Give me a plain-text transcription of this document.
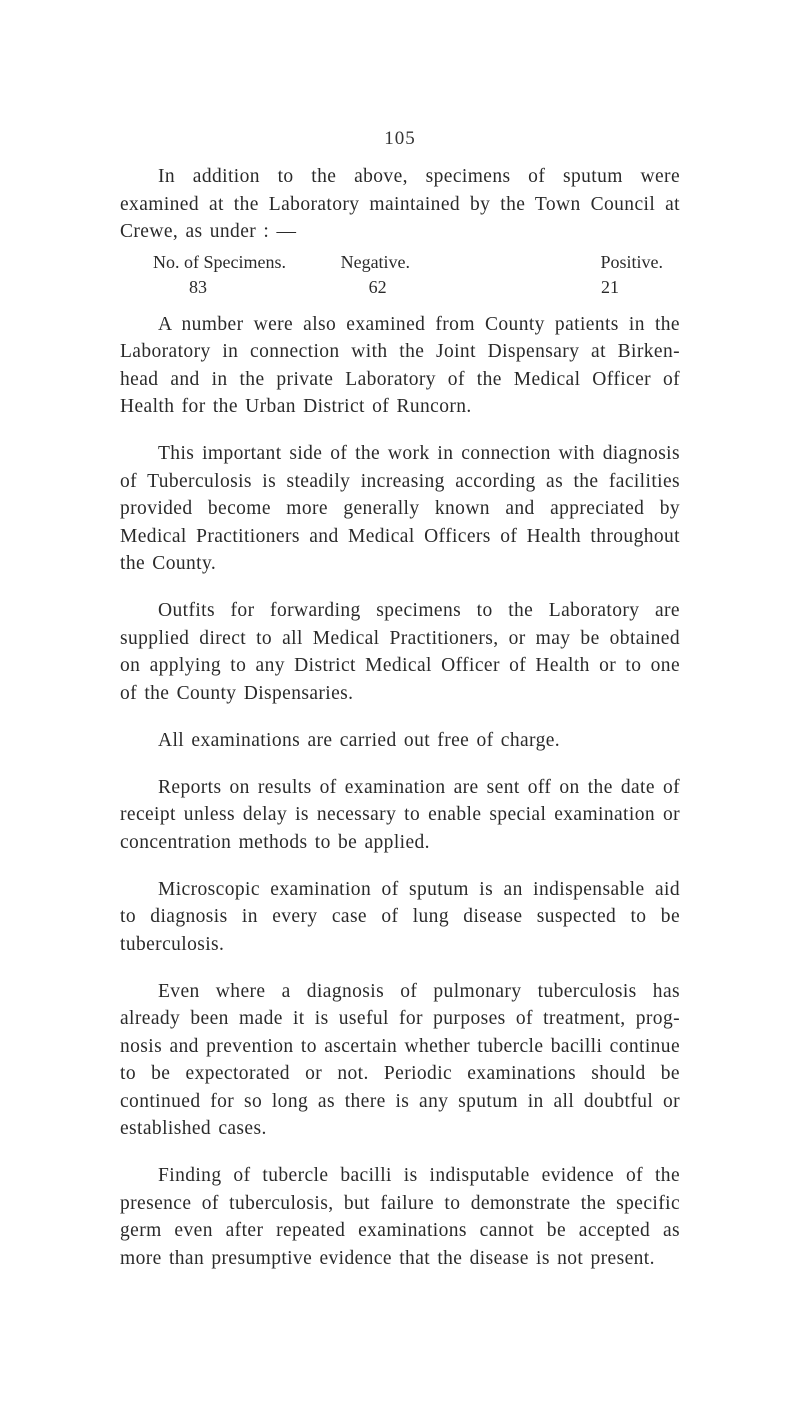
105

In addition to the above, specimens of sputum were examined at the Laboratory maintained by the Town Council at Crewe, as under : —

No. of Specimens.	Negative.	Positive.
83	62	21

A number were also examined from County patients in the Laboratory in connection with the Joint Dispensary at Birken-head and in the private Laboratory of the Medical Officer of Health for the Urban District of Runcorn.

This important side of the work in connection with diagnosis of Tuberculosis is steadily increasing according as the facilities provided become more generally known and appreciated by Medical Practitioners and Medical Officers of Health throughout the County.

Outfits for forwarding specimens to the Laboratory are supplied direct to all Medical Practitioners, or may be obtained on applying to any District Medical Officer of Health or to one of the County Dispensaries.

All examinations are carried out free of charge.

Reports on results of examination are sent off on the date of receipt unless delay is necessary to enable special examination or concentration methods to be applied.

Microscopic examination of sputum is an indispensable aid to diagnosis in every case of lung disease suspected to be tuberculosis.

Even where a diagnosis of pulmonary tuberculosis has already been made it is useful for purposes of treatment, prog-nosis and prevention to ascertain whether tubercle bacilli continue to be expectorated or not. Periodic examinations should be continued for so long as there is any sputum in all doubtful or established cases.

Finding of tubercle bacilli is indisputable evidence of the presence of tuberculosis, but failure to demonstrate the specific germ even after repeated examinations cannot be accepted as more than presumptive evidence that the disease is not present.
